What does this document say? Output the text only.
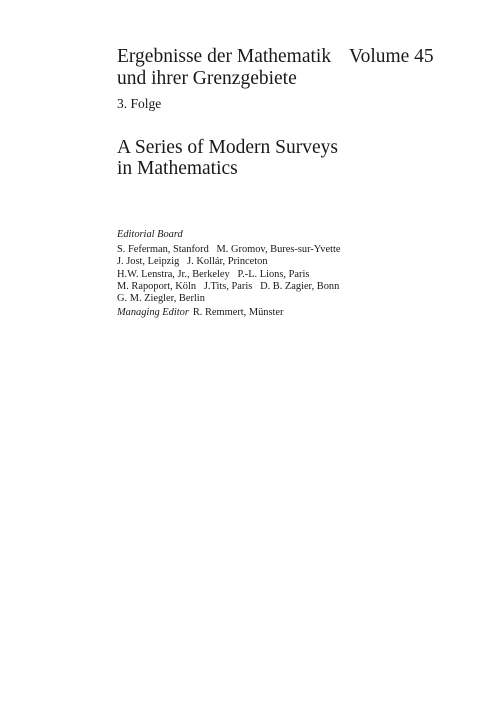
Ergebnisse der Mathematik
und ihrer Grenzgebiete
Volume 45
3. Folge
A Series of Modern Surveys
in Mathematics
Editorial Board
S. Feferman, Stanford   M. Gromov, Bures-sur-Yvette
J. Jost, Leipzig   J. Kollár, Princeton
H.W. Lenstra, Jr., Berkeley   P.-L. Lions, Paris
M. Rapoport, Köln   J.Tits, Paris   D. B. Zagier, Bonn
G. M. Ziegler, Berlin
Managing Editor R. Remmert, Münster
